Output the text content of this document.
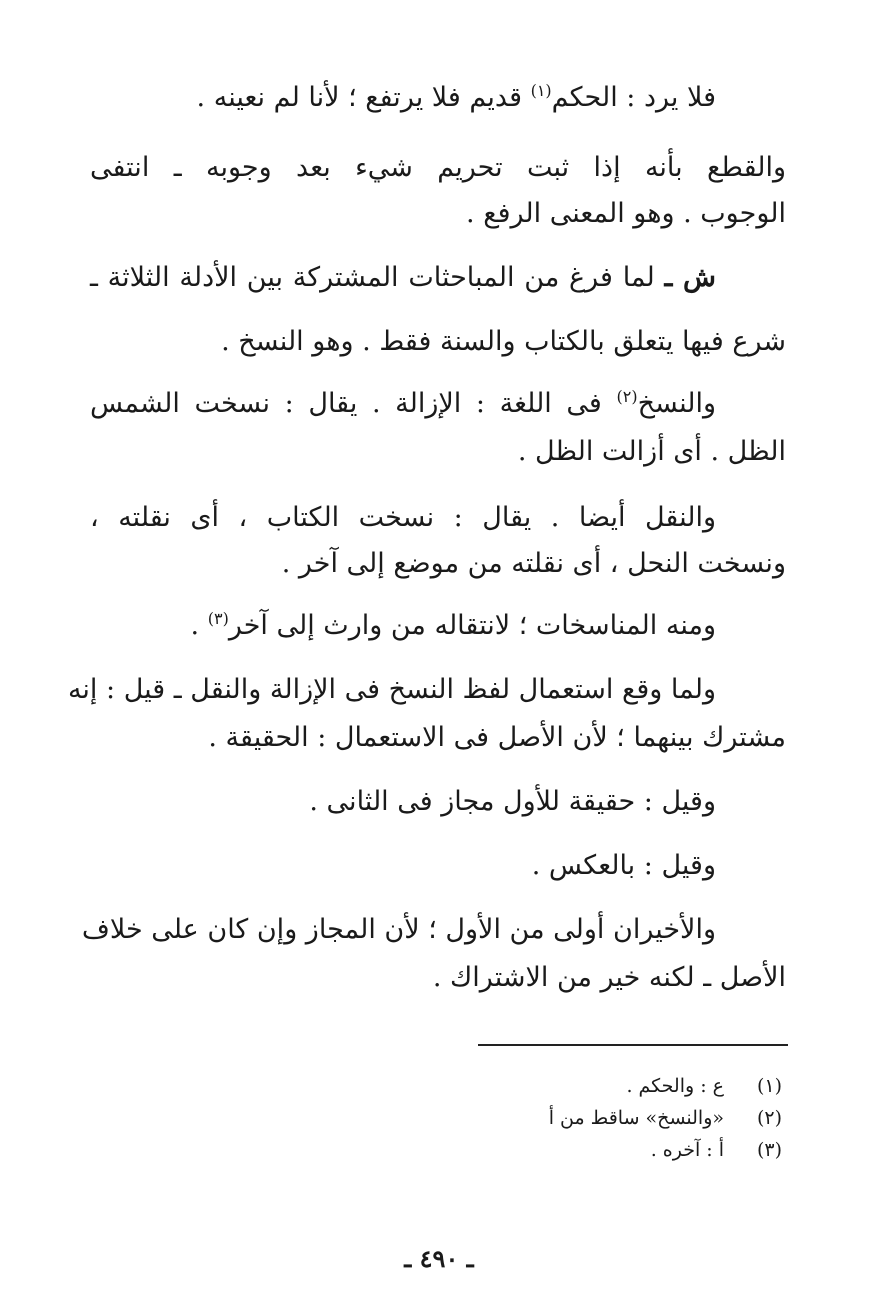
فلا يرد : الحكم$^{(١)}$ قديم فلا يرتفع ؛ لأنا لم نعينه .
والقطع بأنه إذا ثبت تحريم شيء بعد وجوبه ـ انتفى
الوجوب . وهو المعنى الرفع .
ش ـ لما فرغ من المباحثات المشتركة بين الأدلة الثلاثة ـ
شرع فيها يتعلق بالكتاب والسنة فقط . وهو النسخ .
والنسخ$^{(٢)}$ فى اللغة : الإزالة . يقال : نسخت الشمس
الظل . أى أزالت الظل .
والنقل أيضا . يقال : نسخت الكتاب ، أى نقلته ،
ونسخت النحل ، أى نقلته من موضع إلى آخر .
ومنه المناسخات ؛ لانتقاله من وارث إلى آخر$^{(٣)}$ .
ولما وقع استعمال لفظ النسخ فى الإزالة والنقل ـ قيل : إنه
مشترك بينهما ؛ لأن الأصل فى الاستعمال : الحقيقة .
وقيل : حقيقة للأول مجاز فى الثانى .
وقيل : بالعكس .
والأخيران أولى من الأول ؛ لأن المجاز وإن كان على خلاف
الأصل ـ لكنه خير من الاشتراك .
(١)ع : والحكم .
(٢)«والنسخ» ساقط من أ
(٣)أ : آخره .
ـ ٤٩٠ ـ
